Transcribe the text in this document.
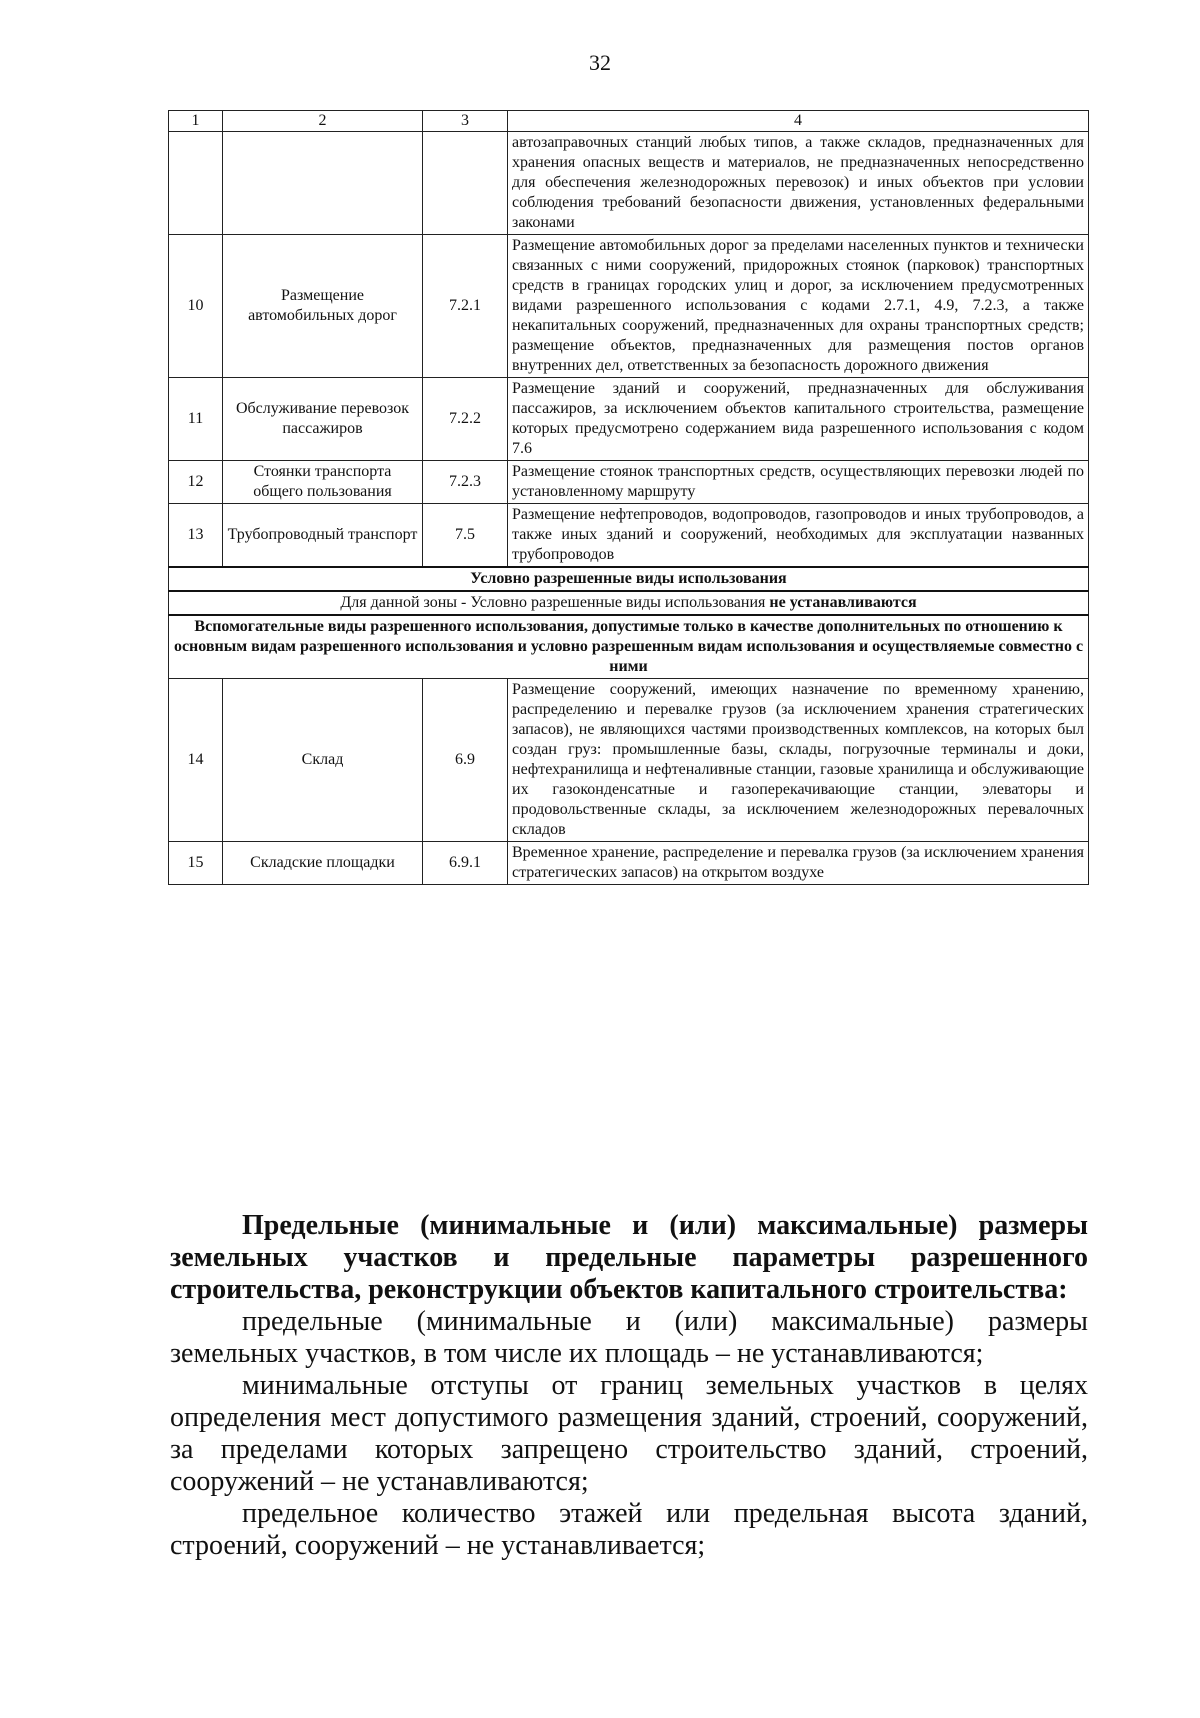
32
1	2	3	4
			автозаправочных станций любых типов, а также складов, предназначенных для хранения опасных веществ и материалов, не предназначенных непосредственно для обеспечения железнодорожных перевозок) и иных объектов при условии соблюдения требований безопасности движения, установленных федеральными законами
10	Размещение автомобильных дорог	7.2.1	Размещение автомобильных дорог за пределами населенных пунктов и технически связанных с ними сооружений, придорожных стоянок (парковок) транспортных средств в границах городских улиц и дорог, за исключением предусмотренных видами разрешенного использования с кодами 2.7.1, 4.9, 7.2.3, а также некапитальных сооружений, предназначенных для охраны транспортных средств; размещение объектов, предназначенных для размещения постов органов внутренних дел, ответственных за безопасность дорожного движения
11	Обслуживание перевозок пассажиров	7.2.2	Размещение зданий и сооружений, предназначенных для обслуживания пассажиров, за исключением объектов капитального строительства, размещение которых предусмотрено содержанием вида разрешенного использования с кодом 7.6
12	Стоянки транспорта общего пользования	7.2.3	Размещение стоянок транспортных средств, осуществляющих перевозки людей по установленному маршруту
13	Трубопроводный транспорт	7.5	Размещение нефтепроводов, водопроводов, газопроводов и иных трубопроводов, а также иных зданий и сооружений, необходимых для эксплуатации названных трубопроводов
Условно разрешенные виды использования			
Для данной зоны - Условно разрешенные виды использования не устанавливаются			
Вспомогательные виды разрешенного использования, допустимые только в качестве дополнительных по отношению к основным видам разрешенного использования и условно разрешенным видам использования и осуществляемые совместно с ними			
14	Склад	6.9	Размещение сооружений, имеющих назначение по временному хранению, распределению и перевалке грузов (за исключением хранения стратегических запасов), не являющихся частями производственных комплексов, на которых был создан груз: промышленные базы, склады, погрузочные терминалы и доки, нефтехранилища и нефтеналивные станции, газовые хранилища и обслуживающие их газоконденсатные и газоперекачивающие станции, элеваторы и продовольственные склады, за исключением железнодорожных перевалочных складов
15	Складские площадки	6.9.1	Временное хранение, распределение и перевалка грузов (за исключением хранения стратегических запасов) на открытом воздухе
Предельные (минимальные и (или) максимальные) размеры земельных участков и предельные параметры разрешенного строительства, реконструкции объектов капитального строительства:

предельные (минимальные и (или) максимальные) размеры земельных участков, в том числе их площадь – не устанавливаются;

минимальные отступы от границ земельных участков в целях определения мест допустимого размещения зданий, строений, сооружений, за пределами которых запрещено строительство зданий, строений, сооружений – не устанавливаются;

предельное количество этажей или предельная высота зданий, строений, сооружений – не устанавливается;
